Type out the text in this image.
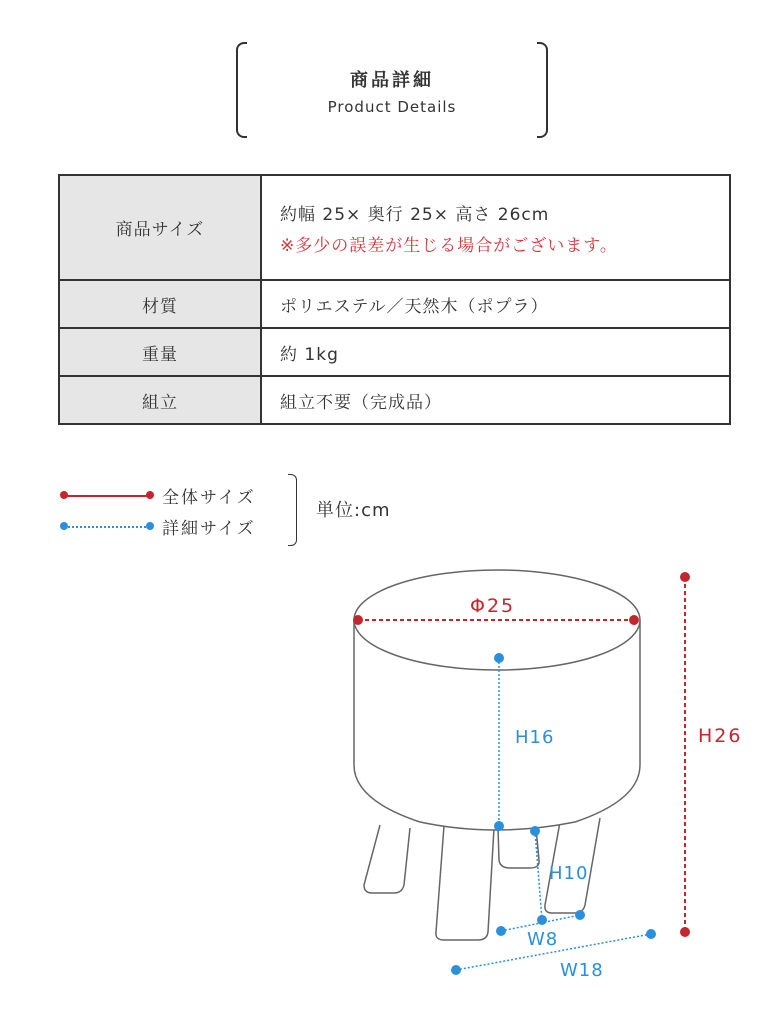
商品詳細
Product Details
商品サイズ	約幅 25× 奥行 25× 高さ 26cm
※多少の誤差が生じる場合がございます。

材質	ポリエステル／天然木（ポプラ）
重量	約 1kg
組立	組立不要（完成品）
全体サイズ
詳細サイズ
単位:cm
Φ25
H26
H16
H10
W8
W18
